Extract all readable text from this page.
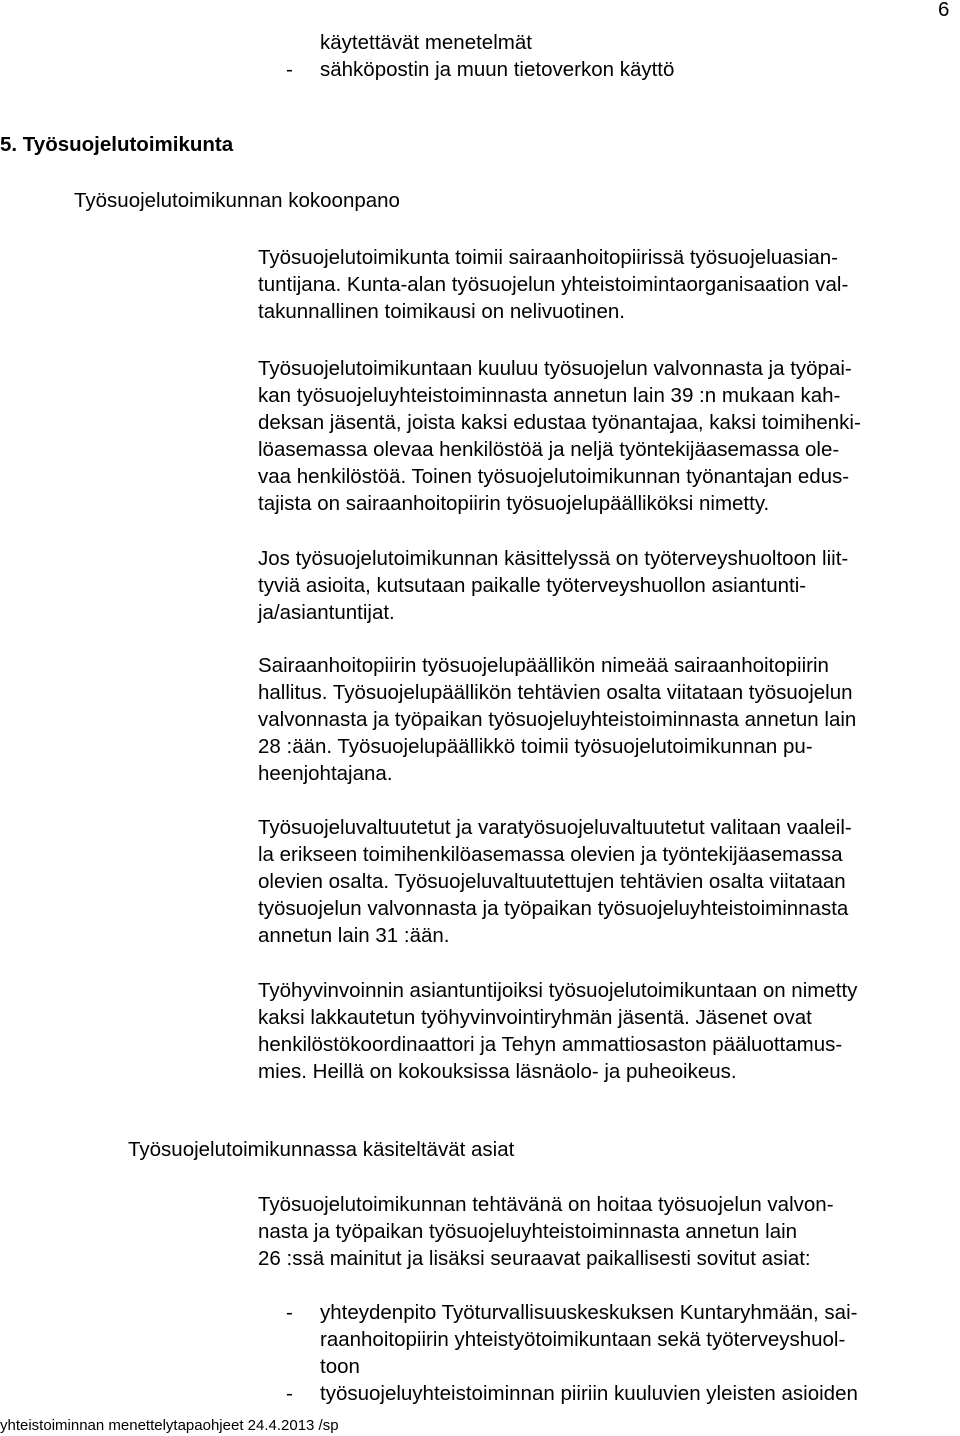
6
käytettävät menetelmät
- sähköpostin ja muun tietoverkon käyttö
5. Työsuojelutoimikunta
Työsuojelutoimikunnan kokoonpano
Työsuojelutoimikunta toimii sairaanhoitopiirissä työsuojeluasian-
tuntijana. Kunta-alan työsuojelun yhteistoimintaorganisaation val-
takunnallinen toimikausi on nelivuotinen.
Työsuojelutoimikuntaan kuuluu työsuojelun valvonnasta ja työpai-
kan työsuojeluyhteistoiminnasta annetun lain 39 :n mukaan kah-
deksan jäsentä, joista kaksi edustaa työnantajaa, kaksi toimihenki-
löasemassa olevaa henkilöstöä ja neljä työntekijäasemassa ole-
vaa henkilöstöä. Toinen työsuojelutoimikunnan työnantajan edus-
tajista on sairaanhoitopiirin työsuojelupäälliköksi nimetty.
Jos työsuojelutoimikunnan käsittelyssä on työterveyshuoltoon liit-
tyviä asioita, kutsutaan paikalle työterveyshuollon asiantunti-
ja/asiantuntijat.
Sairaanhoitopiirin työsuojelupäällikön nimeää sairaanhoitopiirin
hallitus. Työsuojelupäällikön tehtävien osalta viitataan työsuojelun
valvonnasta ja työpaikan työsuojeluyhteistoiminnasta annetun lain
28 :ään. Työsuojelupäällikkö toimii työsuojelutoimikunnan pu-
heenjohtajana.
Työsuojeluvaltuutetut ja varatyösuojeluvaltuutetut valitaan vaaleil-
la erikseen toimihenkilöasemassa olevien ja työntekijäasemassa
olevien osalta. Työsuojeluvaltuutettujen tehtävien osalta viitataan
työsuojelun valvonnasta ja työpaikan työsuojeluyhteistoiminnasta
annetun lain 31 :ään.
Työhyvinvoinnin asiantuntijoiksi työsuojelutoimikuntaan on nimetty
kaksi lakkautetun työhyvinvointiryhmän jäsentä. Jäsenet ovat
henkilöstökoordinaattori ja Tehyn ammattiosaston pääluottamus-
mies. Heillä on kokouksissa läsnäolo- ja puheoikeus.
Työsuojelutoimikunnassa käsiteltävät asiat
Työsuojelutoimikunnan tehtävänä on hoitaa työsuojelun valvon-
nasta ja työpaikan työsuojeluyhteistoiminnasta annetun lain
26 :ssä mainitut ja lisäksi seuraavat paikallisesti sovitut asiat:
- yhteydenpito Työturvallisuuskeskuksen Kuntaryhmään, sai-
raanhoitopiirin yhteistyötoimikuntaan sekä työterveyshuol-
toon
- työsuojeluyhteistoiminnan piiriin kuuluvien yleisten asioiden
yhteistoiminnan menettelytapaohjeet 24.4.2013 /sp
